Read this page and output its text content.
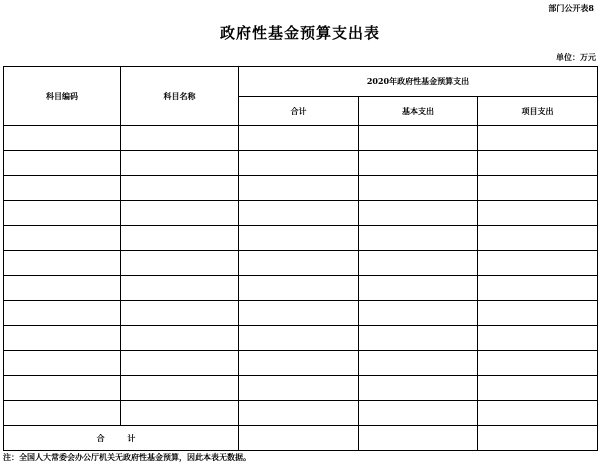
部门公开表8
政府性基金预算支出表
单位：万元
科目编码	科目名称	2020年政府性基金预算支出		
		合计	基本支出	项目支出

合 计				
注：全国人大常委会办公厅机关无政府性基金预算，因此本表无数据。
